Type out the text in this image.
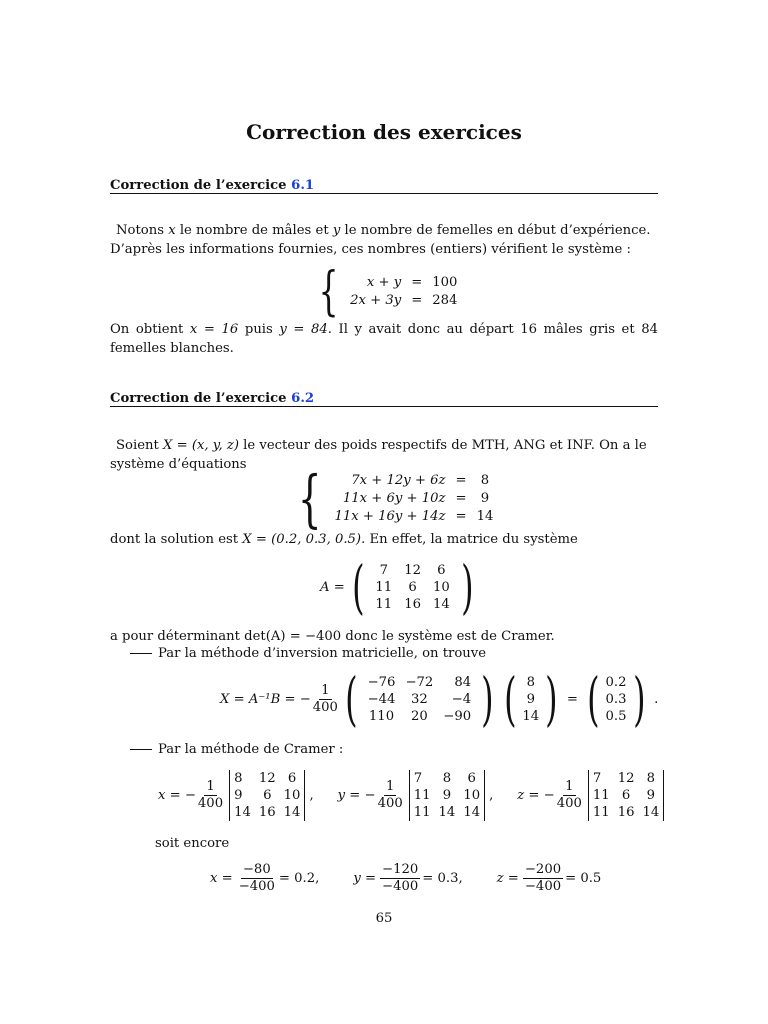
Correction des exercices
Correction de l’exercice 6.1
Notons x le nombre de mâles et y le nombre de femelles en début d’expérience.
D’après les informations fournies, ces nombres (entiers) vérifient le système :
{ x + y	=	100
2x + 3y	=	284
On obtient x = 16 puis y = 84. Il y avait donc au départ 16 mâles gris et 84 femelles blanches.
Correction de l’exercice 6.2
Soient X = (x, y, z) le vecteur des poids respectifs de MTH, ANG et INF. On a le
système d’équations { 7x + 12y + 6z	=	8
11x + 6y + 10z	=	9
11x + 16y + 14z	=	14
dont la solution est X = (0.2, 0.3, 0.5). En effet, la matrice du système
A = ( 7	12	6
11	6	10
11	16	14 )
a pour déterminant det(A) = −400 donc le système est de Cramer.
Par la méthode d’inversion matricielle, on trouve
X = A⁻¹B = − $\frac{1}{400}$ ( −76	−72	84
−44	32	−4
110	20	−90 ) ( 8
9
14 ) = ( 0.2
0.3
0.5 ) .
Par la méthode de Cramer :
x = − $\frac{1}{400}$
8	12	6
9	6	10
14	16	14
, y = − $\frac{1}{400}$
7	8	6
11	9	10
11	14	14
, z = − $\frac{1}{400}$
7	12	8
11	6	9
11	16	14
soit encore
$x = \frac{-80}{-400} = 0.2$,	$y = \frac{-120}{-400} = 0.3$,	$z = \frac{-200}{-400} = 0.5$
65
